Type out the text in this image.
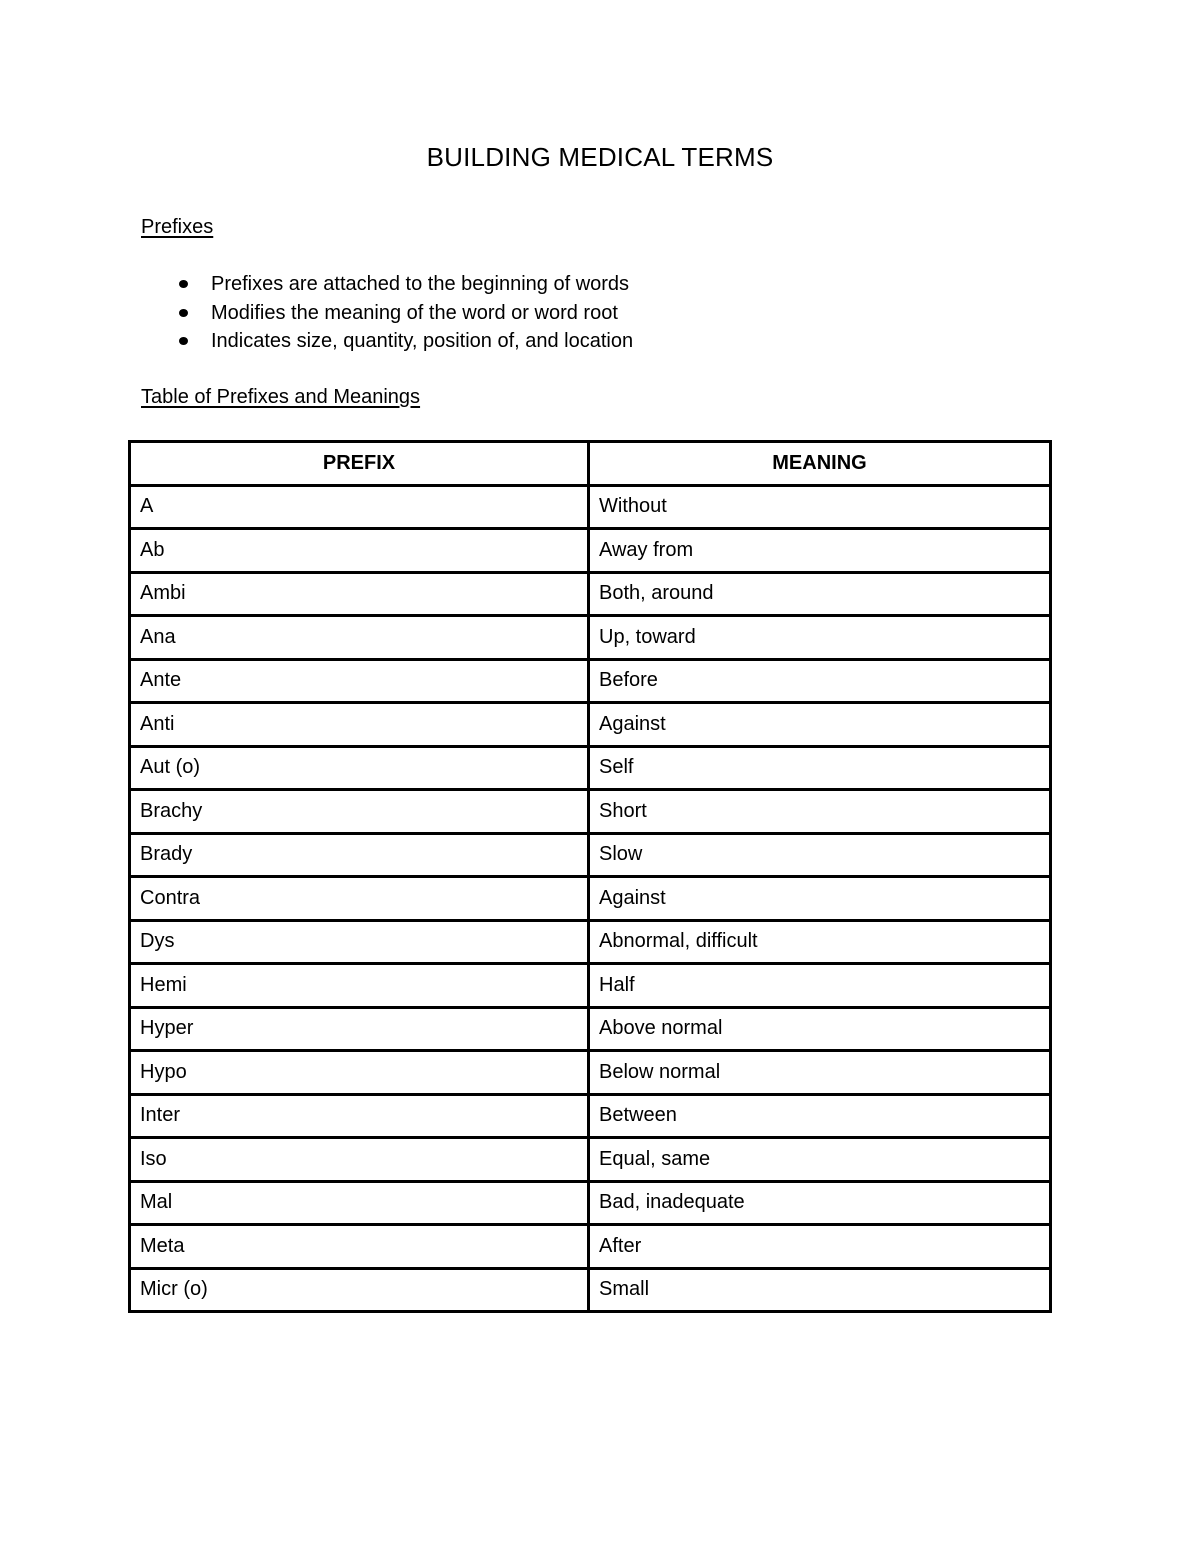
BUILDING MEDICAL TERMS
Prefixes
Prefixes are attached to the beginning of words
Modifies the meaning of the word or word root
Indicates size, quantity, position of, and location
Table of Prefixes and Meanings
PREFIX	MEANING
A	Without
Ab	Away from
Ambi	Both, around
Ana	Up, toward
Ante	Before
Anti	Against
Aut (o)	Self
Brachy	Short
Brady	Slow
Contra	Against
Dys	Abnormal, difficult
Hemi	Half
Hyper	Above normal
Hypo	Below normal
Inter	Between
Iso	Equal, same
Mal	Bad, inadequate
Meta	After
Micr (o)	Small
